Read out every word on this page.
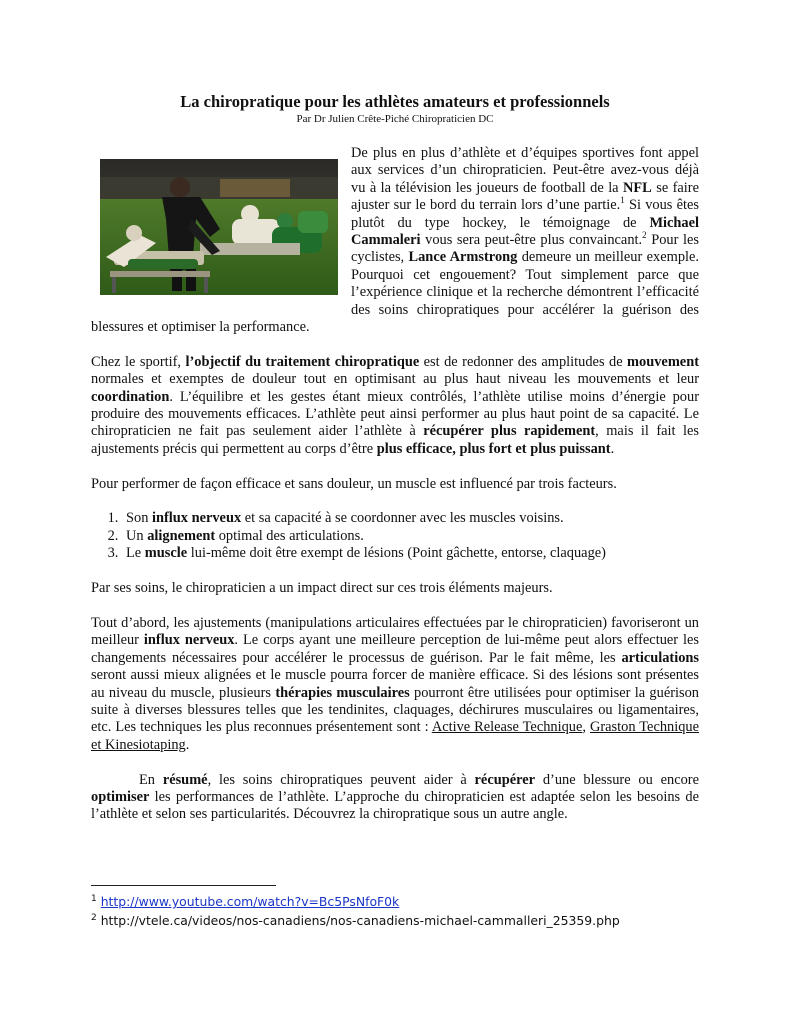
La chiropratique pour les athlètes amateurs et professionnels

Par Dr Julien Crête-Piché Chiropraticien DC

De plus en plus d’athlète et d’équipes sportives font appel aux services d’un chiropraticien. Peut-être avez-vous déjà vu à la télévision les joueurs de football de la NFL se faire ajuster sur le bord du terrain lors d’une partie.$^1$ Si vous êtes plutôt du type hockey, le témoignage de Michael Cammaleri vous sera peut-être plus convaincant.$^2$ Pour les cyclistes, Lance Armstrong demeure un meilleur exemple. Pourquoi cet engouement? Tout simplement parce que l’expérience clinique et la recherche démontrent l’efficacité des soins chiropratiques pour accélérer la guérison des blessures et optimiser la performance.

Chez le sportif, l’objectif du traitement chiropratique est de redonner des amplitudes de mouvement normales et exemptes de douleur tout en optimisant au plus haut niveau les mouvements et leur coordination. L’équilibre et les gestes étant mieux contrôlés, l’athlète utilise moins d’énergie pour produire des mouvements efficaces. L’athlète peut ainsi performer au plus haut point de sa capacité. Le chiropraticien ne fait pas seulement aider l’athlète à récupérer plus rapidement, mais il fait les ajustements précis qui permettent au corps d’être plus efficace, plus fort et plus puissant.

Pour performer de façon efficace et sans douleur, un muscle est influencé par trois facteurs.

1. Son influx nerveux et sa capacité à se coordonner avec les muscles voisins.
2. Un alignement optimal des articulations.
3. Le muscle lui-même doit être exempt de lésions (Point gâchette, entorse, claquage)

Par ses soins, le chiropraticien a un impact direct sur ces trois éléments majeurs.

Tout d’abord, les ajustements (manipulations articulaires effectuées par le chiropraticien) favoriseront un meilleur influx nerveux. Le corps ayant une meilleure perception de lui-même peut alors effectuer les changements nécessaires pour accélérer le processus de guérison. Par le fait même, les articulations seront aussi mieux alignées et le muscle pourra forcer de manière efficace. Si des lésions sont présentes au niveau du muscle, plusieurs thérapies musculaires pourront être utilisées pour optimiser la guérison suite à diverses blessures telles que les tendinites, claquages, déchirures musculaires ou ligamentaires, etc. Les techniques les plus reconnues présentement sont : Active Release Technique, Graston Technique et Kinesiotaping.

En résumé, les soins chiropratiques peuvent aider à récupérer d’une blessure ou encore optimiser les performances de l’athlète. L’approche du chiropraticien est adaptée selon les besoins de l’athlète et selon ses particularités. Découvrez la chiropratique sous un autre angle.

$^1$ http://www.youtube.com/watch?v=Bc5PsNfoF0k
$^2$ http://vtele.ca/videos/nos-canadiens/nos-canadiens-michael-cammalleri_25359.php
